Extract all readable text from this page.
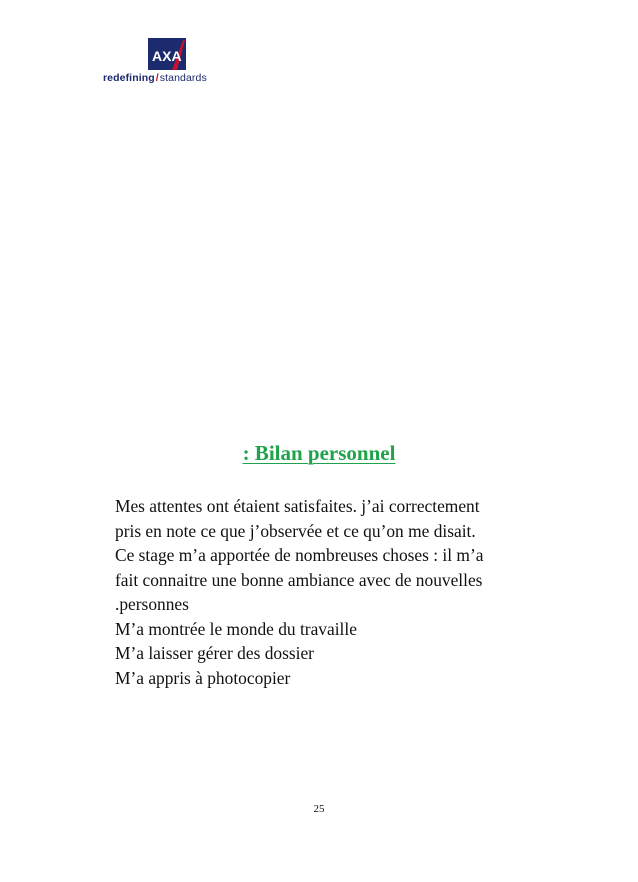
AXA
redefining/standards
: Bilan personnel
Mes attentes ont étaient satisfaites. j’ai correctement
pris en note ce que j’observée et ce qu’on me disait.
Ce stage m’a apportée de nombreuses choses : il m’a
fait connaitre une bonne ambiance avec de nouvelles
.personnes
M’a montrée le monde du travaille
M’a laisser gérer des dossier
M’a appris à photocopier
25
